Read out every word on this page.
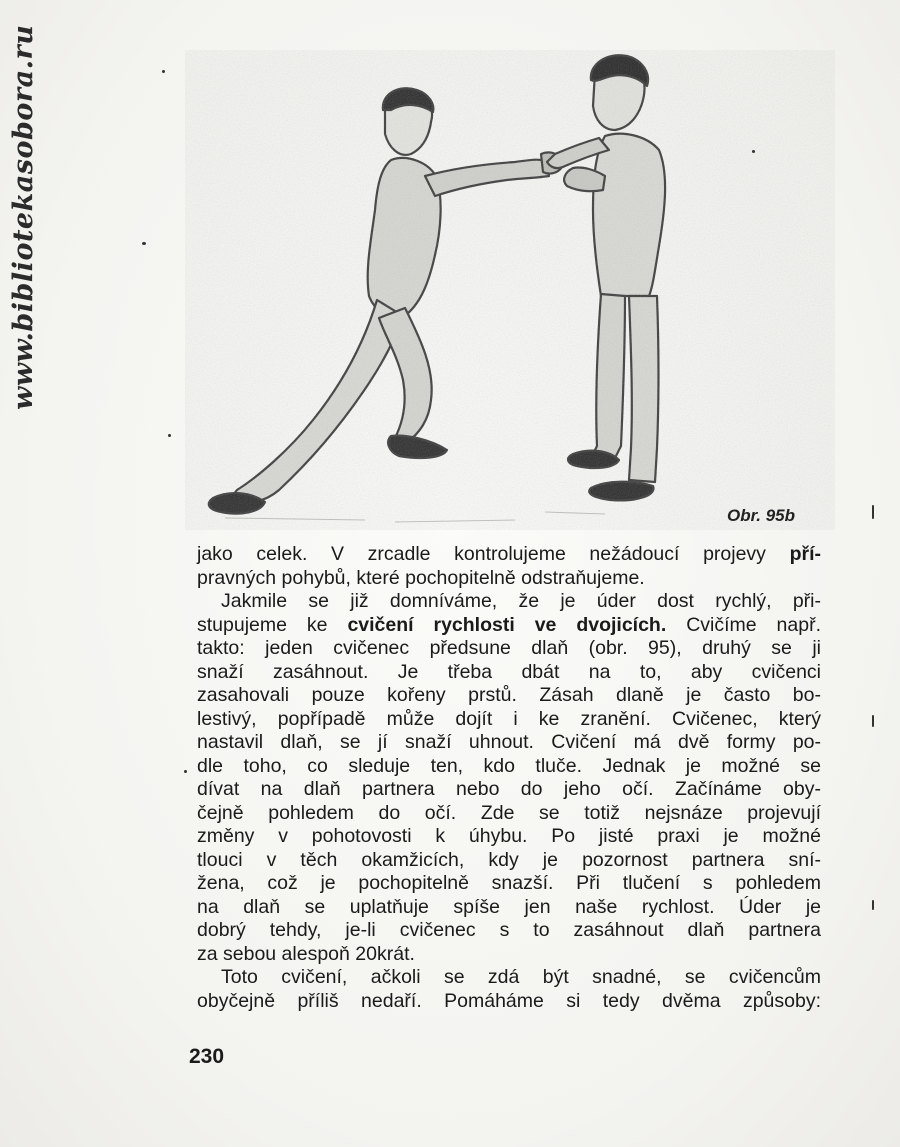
www.bibliotekasobora.ru
Obr. 95b
jako celek. V zrcadle kontrolujeme nežádoucí projevy pří-
pravných pohybů, které pochopitelně odstraňujeme.
Jakmile se již domníváme, že je úder dost rychlý, při-
stupujeme ke cvičení rychlosti ve dvojicích. Cvičíme např.
takto: jeden cvičenec předsune dlaň (obr. 95), druhý se ji
snaží zasáhnout. Je třeba dbát na to, aby cvičenci
zasahovali pouze kořeny prstů. Zásah dlaně je často bo-
lestivý, popřípadě může dojít i ke zranění. Cvičenec, který
nastavil dlaň, se jí snaží uhnout. Cvičení má dvě formy po-
dle toho, co sleduje ten, kdo tluče. Jednak je možné se
dívat na dlaň partnera nebo do jeho očí. Začínáme oby-
čejně pohledem do očí. Zde se totiž nejsnáze projevují
změny v pohotovosti k úhybu. Po jisté praxi je možné
tlouci v těch okamžicích, kdy je pozornost partnera sní-
žena, což je pochopitelně snazší. Při tlučení s pohledem
na dlaň se uplatňuje spíše jen naše rychlost. Úder je
dobrý tehdy, je-li cvičenec s to zasáhnout dlaň partnera
za sebou alespoň 20krát.
Toto cvičení, ačkoli se zdá být snadné, se cvičencům
obyčejně příliš nedaří. Pomáháme si tedy dvěma způsoby:
230
